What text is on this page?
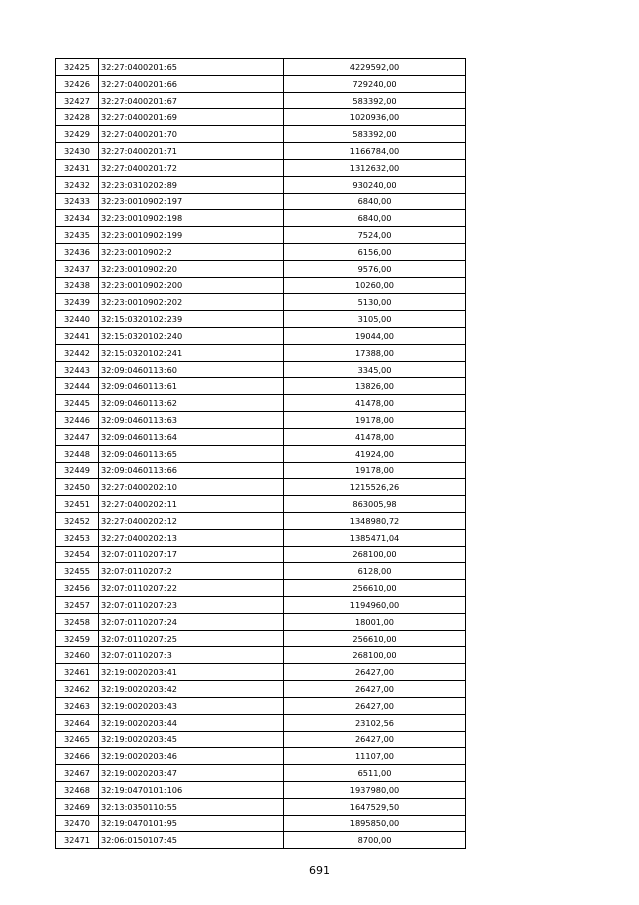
32425	32:27:0400201:65	4229592,00
32426	32:27:0400201:66	729240,00
32427	32:27:0400201:67	583392,00
32428	32:27:0400201:69	1020936,00
32429	32:27:0400201:70	583392,00
32430	32:27:0400201:71	1166784,00
32431	32:27:0400201:72	1312632,00
32432	32:23:0310202:89	930240,00
32433	32:23:0010902:197	6840,00
32434	32:23:0010902:198	6840,00
32435	32:23:0010902:199	7524,00
32436	32:23:0010902:2	6156,00
32437	32:23:0010902:20	9576,00
32438	32:23:0010902:200	10260,00
32439	32:23:0010902:202	5130,00
32440	32:15:0320102:239	3105,00
32441	32:15:0320102:240	19044,00
32442	32:15:0320102:241	17388,00
32443	32:09:0460113:60	3345,00
32444	32:09:0460113:61	13826,00
32445	32:09:0460113:62	41478,00
32446	32:09:0460113:63	19178,00
32447	32:09:0460113:64	41478,00
32448	32:09:0460113:65	41924,00
32449	32:09:0460113:66	19178,00
32450	32:27:0400202:10	1215526,26
32451	32:27:0400202:11	863005,98
32452	32:27:0400202:12	1348980,72
32453	32:27:0400202:13	1385471,04
32454	32:07:0110207:17	268100,00
32455	32:07:0110207:2	6128,00
32456	32:07:0110207:22	256610,00
32457	32:07:0110207:23	1194960,00
32458	32:07:0110207:24	18001,00
32459	32:07:0110207:25	256610,00
32460	32:07:0110207:3	268100,00
32461	32:19:0020203:41	26427,00
32462	32:19:0020203:42	26427,00
32463	32:19:0020203:43	26427,00
32464	32:19:0020203:44	23102,56
32465	32:19:0020203:45	26427,00
32466	32:19:0020203:46	11107,00
32467	32:19:0020203:47	6511,00
32468	32:19:0470101:106	1937980,00
32469	32:13:0350110:55	1647529,50
32470	32:19:0470101:95	1895850,00
32471	32:06:0150107:45	8700,00
691
